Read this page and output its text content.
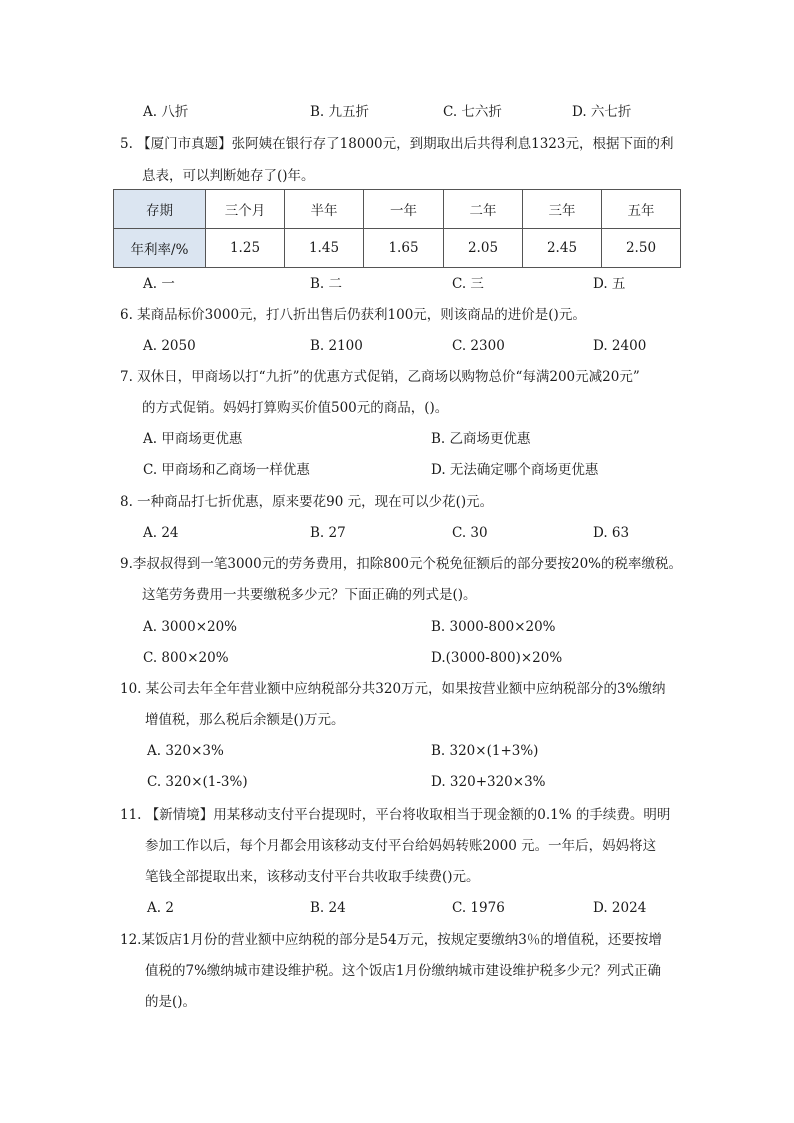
A. 八折	B. 九五折	C. 七六折	D. 六七折
5. 【厦门市真题】张阿姨在银行存了18000元，到期取出后共得利息1323元，根据下面的利
息表，可以判断她存了()年。
存期	三个月	半年	一年	二年	三年	五年
年利率/%	1.25	1.45	1.65	2.05	2.45	2.50
A. 一	B. 二	C. 三	D. 五
6. 某商品标价3000元，打八折出售后仍获利100元，则该商品的进价是()元。
A. 2050	B. 2100	C. 2300	D. 2400
7. 双休日，甲商场以打“九折”的优惠方式促销，乙商场以购物总价“每满200元减20元”
的方式促销。妈妈打算购买价值500元的商品，()。
A. 甲商场更优惠	B. 乙商场更优惠
C. 甲商场和乙商场一样优惠	D. 无法确定哪个商场更优惠
8. 一种商品打七折优惠，原来要花90 元，现在可以少花()元。
A. 24	B. 27	C. 30	D. 63
9.李叔叔得到一笔3000元的劳务费用，扣除800元个税免征额后的部分要按20%的税率缴税。
这笔劳务费用一共要缴税多少元？下面正确的列式是()。
A. 3000×20%	B. 3000-800×20%
C. 800×20%	D.(3000-800)×20%
10. 某公司去年全年营业额中应纳税部分共320万元，如果按营业额中应纳税部分的3%缴纳
增值税，那么税后余额是()万元。
A. 320×3%	B. 320×(1+3%)
C. 320×(1-3%)	D. 320+320×3%
11. 【新情境】用某移动支付平台提现时，平台将收取相当于现金额的0.1% 的手续费。明明
参加工作以后，每个月都会用该移动支付平台给妈妈转账2000 元。一年后，妈妈将这
笔钱全部提取出来，该移动支付平台共收取手续费()元。
A. 2	B. 24	C. 1976	D. 2024
12.某饭店1月份的营业额中应纳税的部分是54万元，按规定要缴纳3％的增值税，还要按增
值税的7%缴纳城市建设维护税。这个饭店1月份缴纳城市建设维护税多少元？列式正确
的是()。
